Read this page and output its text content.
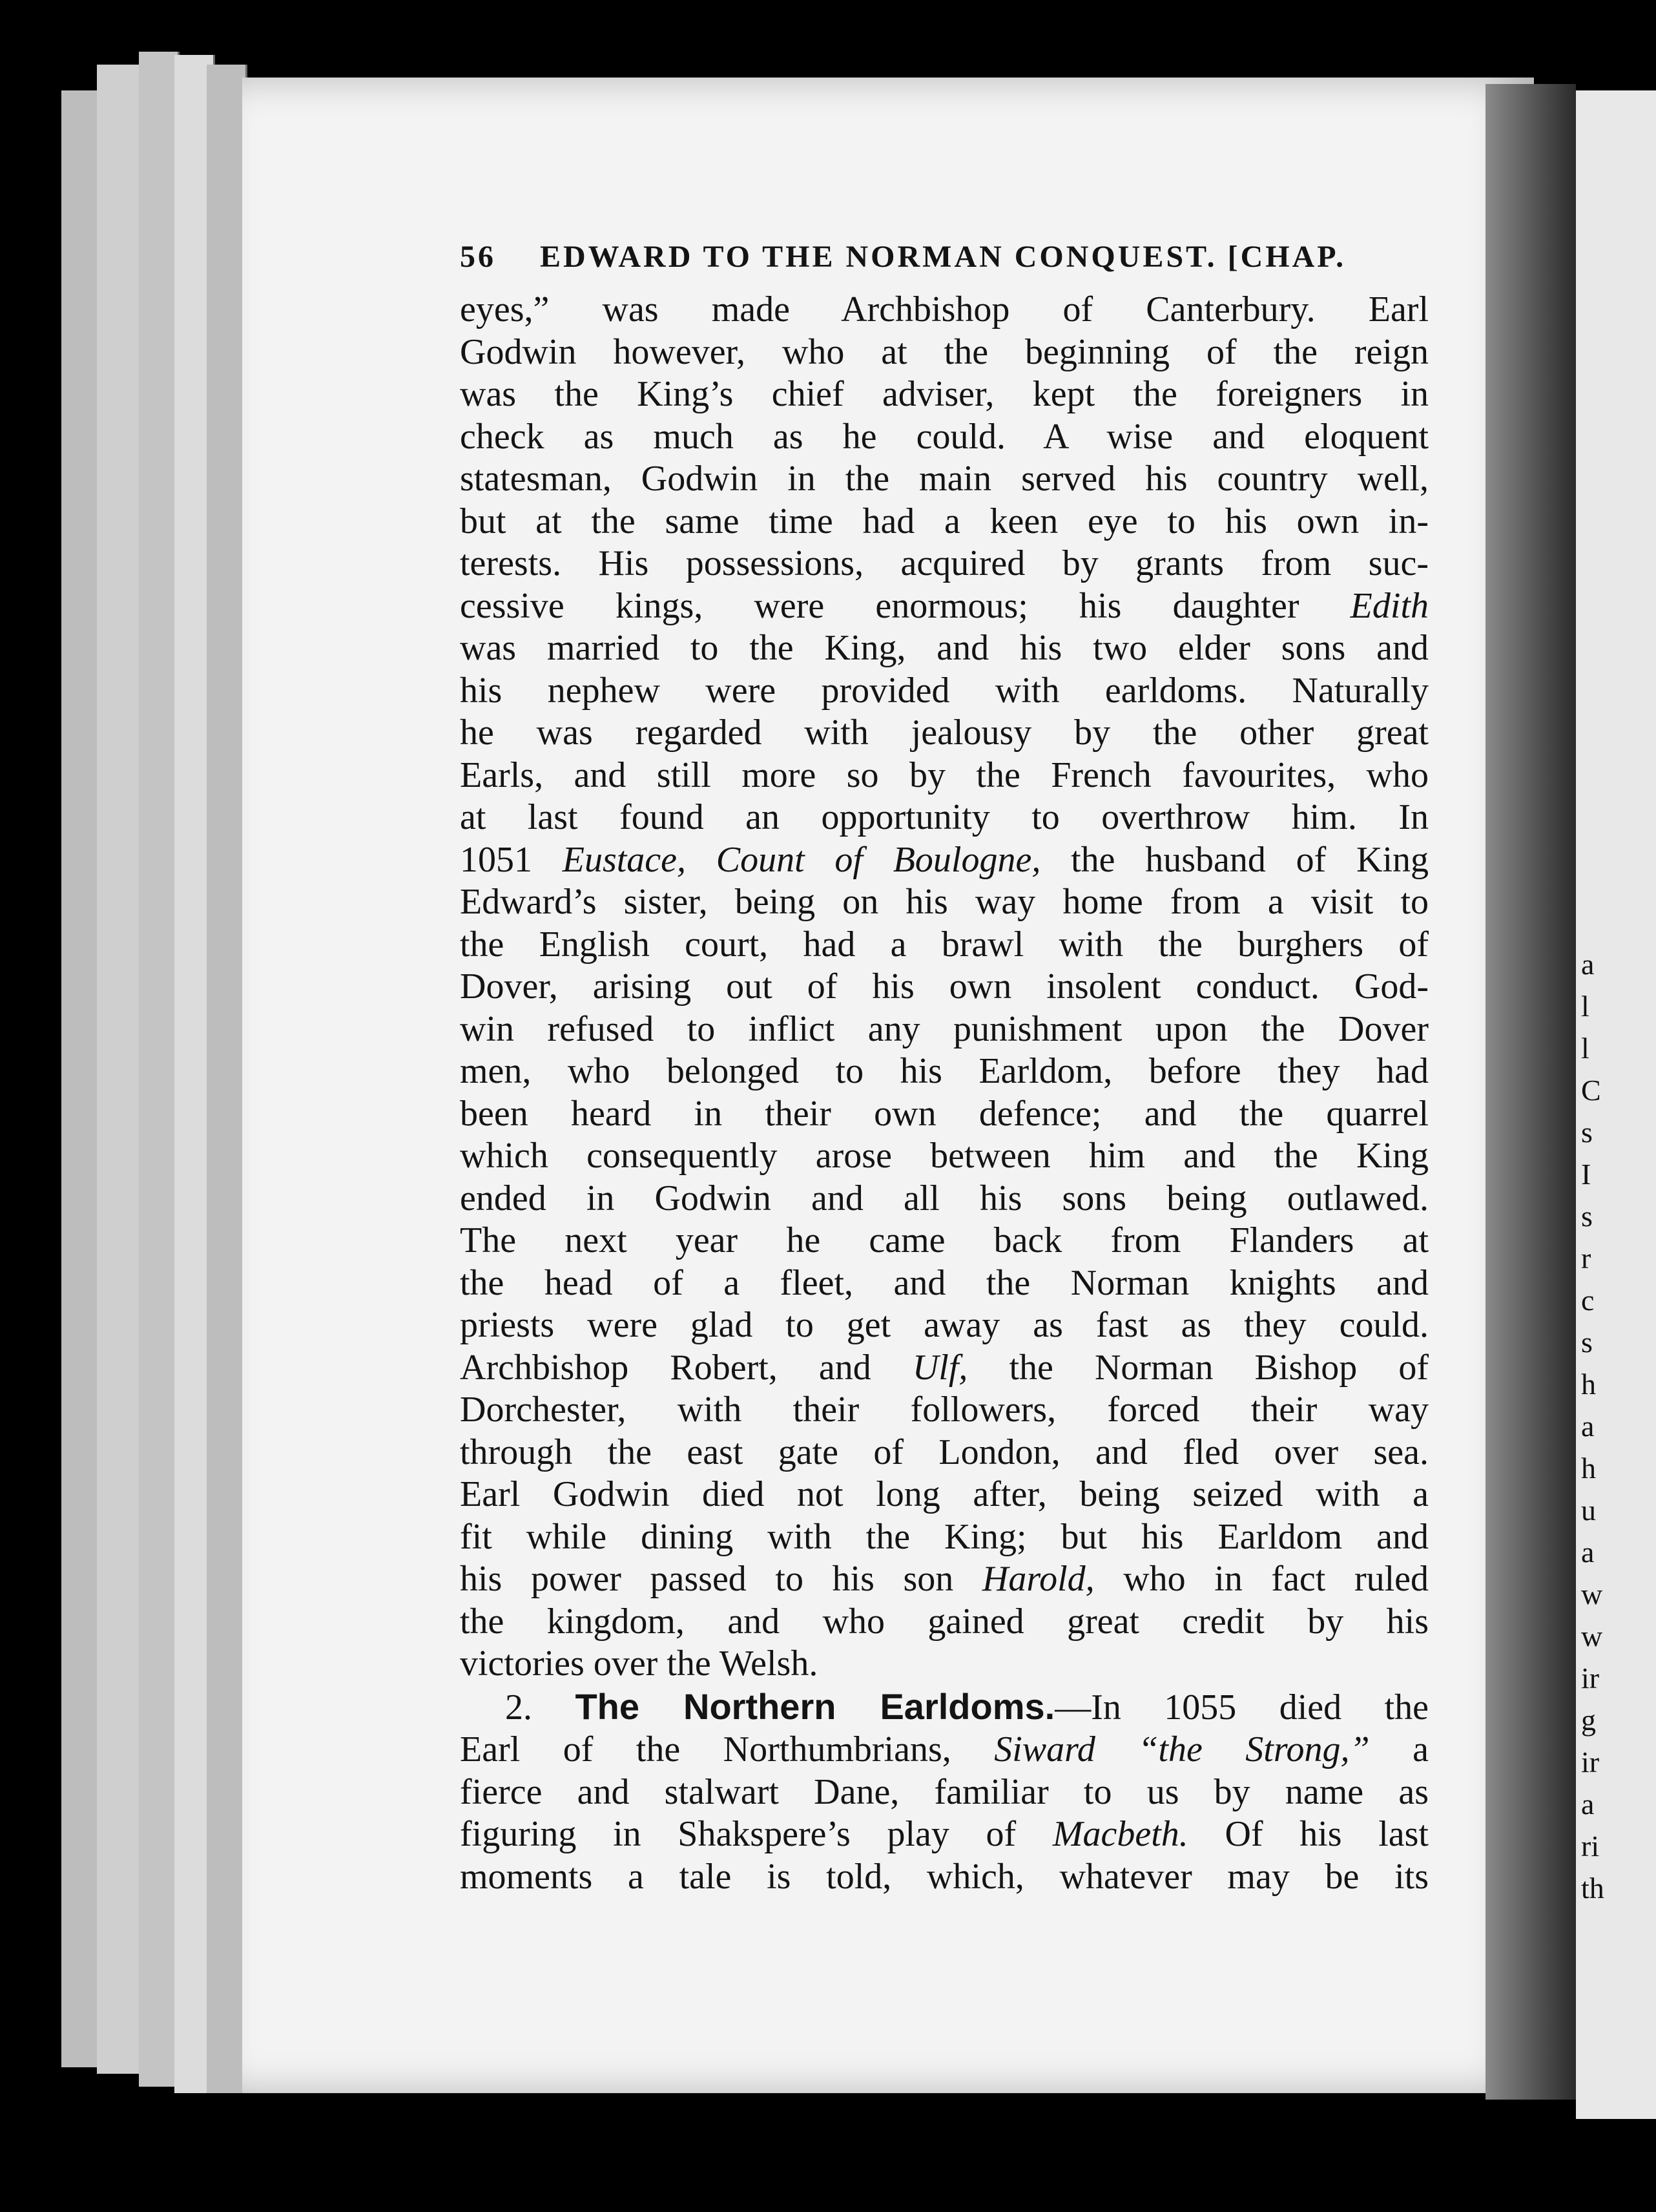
a
l
l
C
s
I
s
r
c
s
h
a
h
u
a
w
w
ir
g
ir
a
ri
th
56 EDWARD TO THE NORMAN CONQUEST. [CHAP.
eyes,” was made Archbishop of Canterbury. Earl
Godwin however, who at the beginning of the reign
was the King’s chief adviser, kept the foreigners in
check as much as he could. A wise and eloquent
statesman, Godwin in the main served his country well,
but at the same time had a keen eye to his own in-
terests. His possessions, acquired by grants from suc-
cessive kings, were enormous; his daughter Edith
was married to the King, and his two elder sons and
his nephew were provided with earldoms. Naturally
he was regarded with jealousy by the other great
Earls, and still more so by the French favourites, who
at last found an opportunity to overthrow him. In
1051 Eustace, Count of Boulogne, the husband of King
Edward’s sister, being on his way home from a visit to
the English court, had a brawl with the burghers of
Dover, arising out of his own insolent conduct. God-
win refused to inflict any punishment upon the Dover
men, who belonged to his Earldom, before they had
been heard in their own defence; and the quarrel
which consequently arose between him and the King
ended in Godwin and all his sons being outlawed.
The next year he came back from Flanders at
the head of a fleet, and the Norman knights and
priests were glad to get away as fast as they could.
Archbishop Robert, and Ulf, the Norman Bishop of
Dorchester, with their followers, forced their way
through the east gate of London, and fled over sea.
Earl Godwin died not long after, being seized with a
fit while dining with the King; but his Earldom and
his power passed to his son Harold, who in fact ruled
the kingdom, and who gained great credit by his
victories over the Welsh.
2. The Northern Earldoms.—In 1055 died the
Earl of the Northumbrians, Siward “the Strong,” a
fierce and stalwart Dane, familiar to us by name as
figuring in Shakspere’s play of Macbeth. Of his last
moments a tale is told, which, whatever may be its
